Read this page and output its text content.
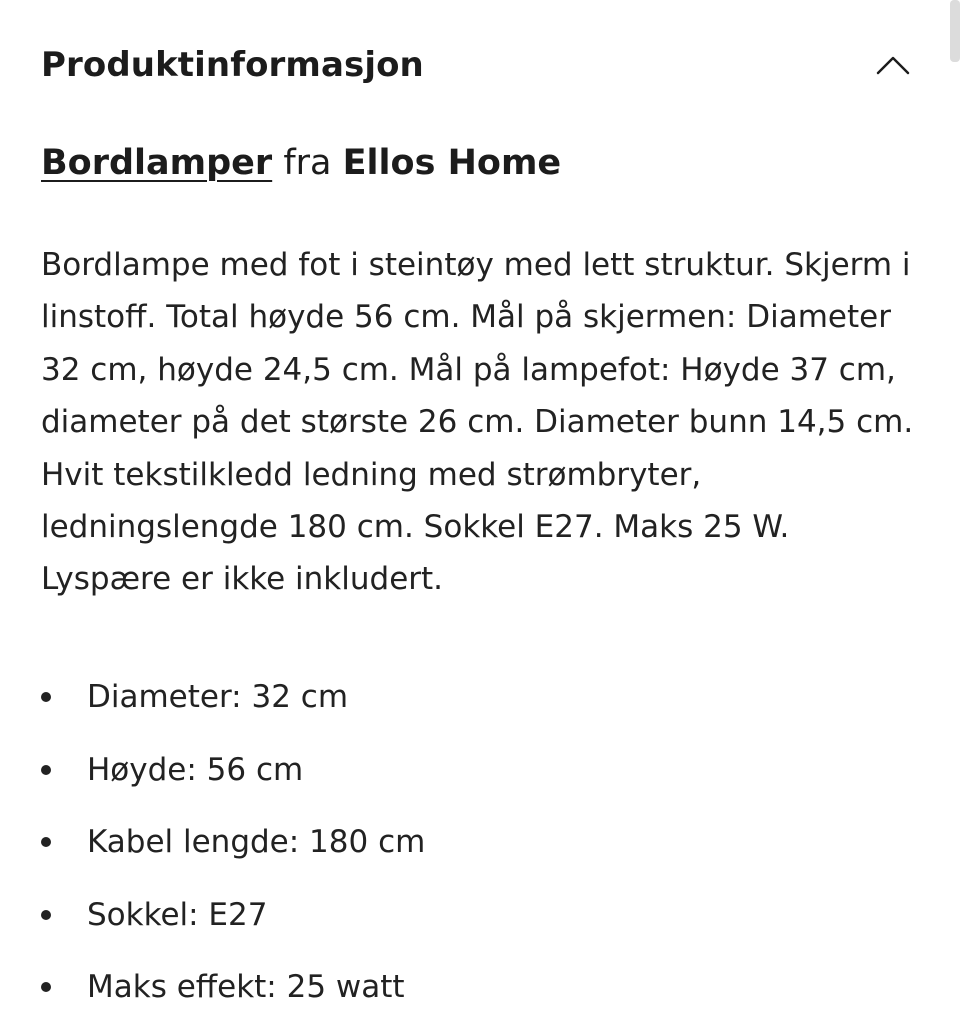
Produktinformasjon
Bordlamper fra Ellos Home

Bordlampe med fot i steintøy med lett struktur. Skjerm i
linstoff. Total høyde 56 cm. Mål på skjermen: Diameter
32 cm, høyde 24,5 cm. Mål på lampefot: Høyde 37 cm,
diameter på det største 26 cm. Diameter bunn 14,5 cm.
Hvit tekstilkledd ledning med strømbryter,
ledningslengde 180 cm. Sokkel E27. Maks 25 W.
Lyspære er ikke inkludert.

Diameter: 32 cm
Høyde: 56 cm
Kabel lengde: 180 cm
Sokkel: E27
Maks effekt: 25 watt
